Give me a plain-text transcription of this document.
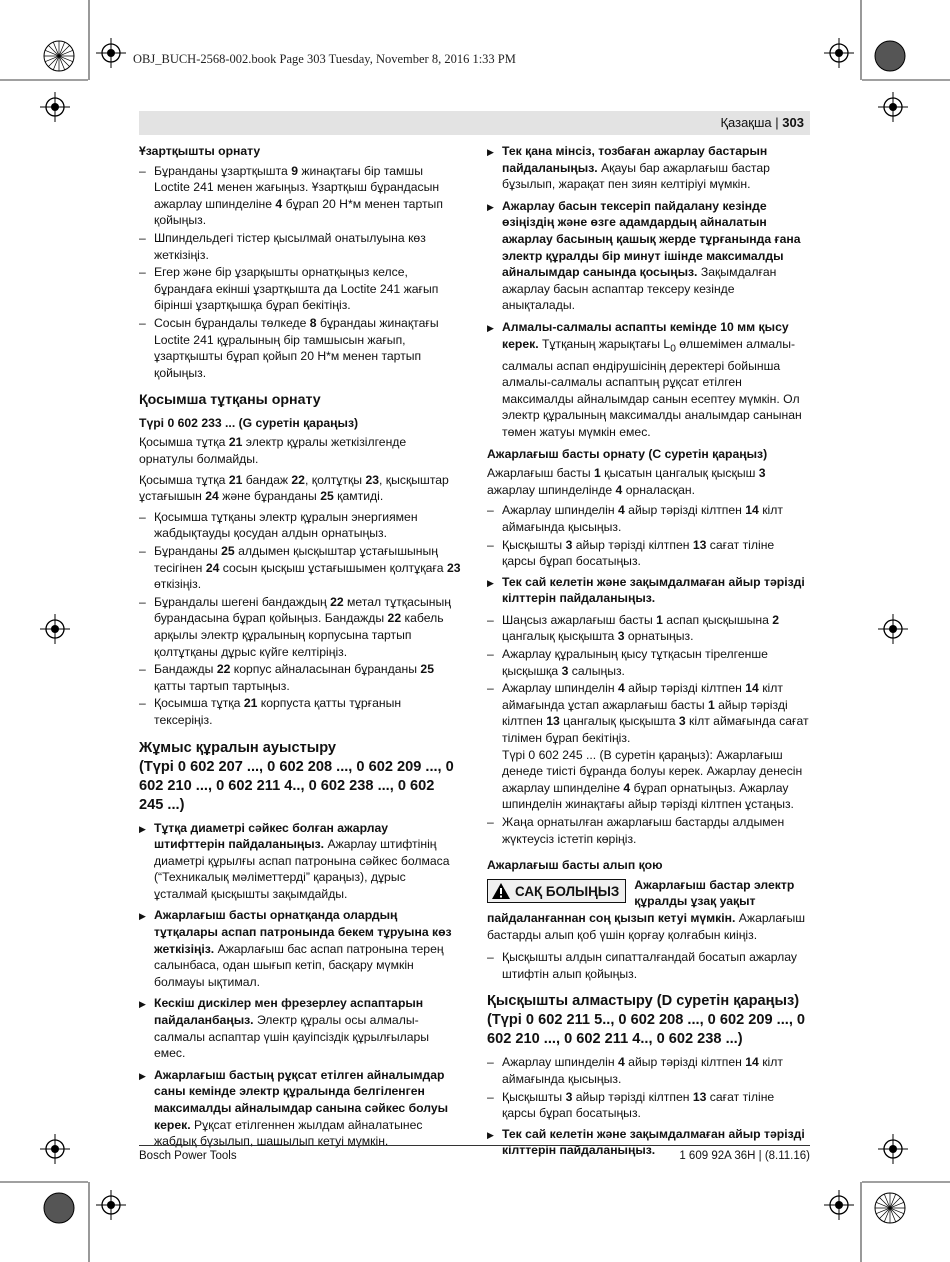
OBJ_BUCH-2568-002.book Page 303 Tuesday, November 8, 2016 1:33 PM
Қазақша | 303
Ұзартқышты орнату
– Бұранданы ұзартқышта 9 жинақтағы бір тамшы Loctite 241 менен жағыңыз. Ұзартқыш бұрандасын ажарлау шпинделіне 4 бұрап 20 Н*м менен тартып қойыңыз.
– Шпиндельдегі тістер қысылмай онатылуына көз жеткізіңіз.
– Егер және бір ұзарқышты орнатқыңыз келсе, бұрандаға екінші ұзартқышта да Loctite 241 жағып бірінші ұзартқышқа бұрап бекітіңіз.
– Сосын бұрандалы төлкеде 8 бұрандаы жинақтағы Loctite 241 құралының бір тамшысын жағып, ұзартқышты бұрап қойып 20 Н*м менен тартып қойыңыз.
Қосымша тұтқаны орнату
Түрі 0 602 233 ... (G суретін қараңыз)

Қосымша тұтқа 21 электр құралы жеткізілгенде орнатулы болмайды.

Қосымша тұтқа 21 бандаж 22, қолтұтқы 23, қысқыштар ұстағышын 24 және бұранданы 25 қамтиді.

– Қосымша тұтқаны электр құралын энергиямен жабдықтауды қосудан алдын орнатыңыз.
– Бұранданы 25 алдымен қысқыштар ұстағышының тесігінен 24 сосын қысқыш ұстағышымен қолтұқаға 23 өткізіңіз.
– Бұрандалы шегені бандаждың 22 метал тұтқасының бурандасына бұрап қойыңыз. Бандажды 22 кабель арқылы электр құралының корпусына тартып қолтұтқаны дұрыс күйге келтіріңіз.
– Бандажды 22 корпус айналасынан бұранданы 25 қатты тартып тартыңыз.
– Қосымша тұтқа 21 корпуста қатты тұрғанын тексеріңіз.
Жұмыс құралын ауыстыру
(Түрі 0 602 207 ..., 0 602 208 ..., 0 602 209 ..., 0 602 210 ..., 0 602 211 4.., 0 602 238 ..., 0 602 245 ...)
▶ Тұтқа диаметрі сәйкес болған ажарлау штифттерін пайдаланыңыз. Ажарлау штифтінің диаметрі құрылғы аспап патронына сәйкес болмаса (“Техникалық мәліметтерді” қараңыз), дұрыс ұсталмай қысқышты зақымдайды.
▶ Ажарлағыш басты орнатқанда олардың тұтқалары аспап патронында бекем тұруына көз жеткізіңіз. Ажарлағыш бас аспап патронына терең салынбаса, одан шығып кетіп, басқару мүмкін болмауы ықтимал.
▶ Кескіш дискілер мен фрезерлеу аспаптарын пайдаланбаңыз. Электр құралы осы алмалы-салмалы аспаптар үшін қауіпсіздік құрылғылары емес.
▶ Ажарлағыш бастың рұқсат етілген айналымдар саны кемінде электр құралында белгіленген максималды айналымдар санына сәйкес болуы керек. Рұқсат етілгеннен жылдам айналатынес жабдық бұзылып, шашылып кетуі мүмкін.
▶ Тек қана мінсіз, тозбаған ажарлау бастарын пайдаланыңыз. Ақауы бар ажарлағыш бастар бұзылып, жарақат пен зиян келтіріуі мүмкін.
▶ Ажарлау басын тексеріп пайдалану кезінде өзіңіздің және өзге адамдардың айналатын ажарлау басының қашық жерде тұрғанында ғана электр құралды бір минут ішінде максималды айналымдар санында қосыңыз. Зақымдалған ажарлау басын аспаптар тексеру кезінде анықталады.
▶ Алмалы-салмалы аспапты кемінде 10 мм қысу керек. Тұтқаның жарықтағы $L_0$ өлшемімен алмалы-салмалы аспап өндірушісінің деректері бойынша алмалы-салмалы аспаптың рұқсат етілген максималды айналымдар санын есептеу мүмкін. Ол электр құралының максималды аналымдар санынан төмен жатуы мүмкін емес.
Ажарлағыш басты орнату (C суретін қараңыз)

Ажарлағыш басты 1 қысатын цангалық қысқыш 3 ажарлау шпинделінде 4 орналасқан.

– Ажарлау шпинделін 4 айыр тәрізді кілтпен 14 кілт аймағында қысыңыз.
– Қысқышты 3 айыр тәрізді кілтпен 13 сағат тіліне қарсы бұрап босатыңыз.
▶ Тек сай келетін және зақымдалмаған айыр тәрізді кілттерін пайдаланыңыз.
– Шаңсыз ажарлағыш басты 1 аспап қысқышына 2 цангалық қысқышта 3 орнатыңыз.
– Ажарлау құралының қысу тұтқасын тірелгенше қысқышқа 3 салыңыз.
– Ажарлау шпинделін 4 айыр тәрізді кілтпен 14 кілт аймағында ұстап ажарлағыш басты 1 айыр тәрізді кілтпен 13 цангалық қысқышта 3 кілт аймағында сағат тілімен бұрап бекітіңіз.
Түрі 0 602 245 ... (B суретін қараңыз): Ажарлағыш денеде тиісті бұранда болуы керек. Ажарлау денесін ажарлау шпинделіне 4 бұрап орнатыңыз. Ажарлау шпинделін жинақтағы айыр тәрізді кілтпен ұстаңыз.
– Жаңа орнатылған ажарлағыш бастарды алдымен жүктеусіз істетіп көріңіз.
Ажарлағыш басты алып қою
САҚ БОЛЫҢЫЗ	Ажарлағыш бастар электр құралды ұзақ уақыт пайдаланғаннан соң қызып кетуі мүмкін. Ажарлағыш бастарды алып қоб үшін қорғау қолғабын киіңіз.
– Қысқышты алдын сипатталғандай босатып ажарлау штифтін алып қойыңыз.
Қысқышты алмастыру (D суретін қараңыз)
(Түрі 0 602 211 5.., 0 602 208 ..., 0 602 209 ..., 0 602 210 ..., 0 602 211 4.., 0 602 238 ...)
– Ажарлау шпинделін 4 айыр тәрізді кілтпен 14 кілт аймағында қысыңыз.
– Қысқышты 3 айыр тәрізді кілтпен 13 сағат тіліне қарсы бұрап босатыңыз.
▶ Тек сай келетін және зақымдалмаған айыр тәрізді кілттерін пайдаланыңыз.
Bosch Power Tools	1 609 92A 36H | (8.11.16)
